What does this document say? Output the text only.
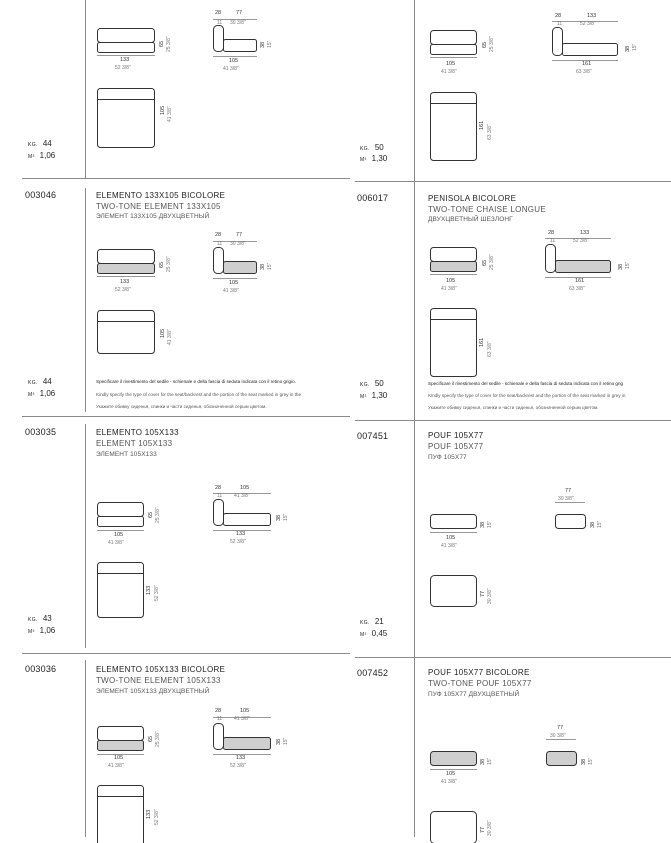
133
52 3/8"
65 25 3/8"
28
11
77
30 3/8"
105
41 3/8"
38 15"
105 41 3/8"
KG. 44
M³ 1,06
105
41 3/8"
65 25 3/8"
28
11
133
52 3/8"
161
63 3/8"
38 15"
161 63 3/8"
KG. 50
M³ 1,30
003046	ELEMENTO 133X105 BICOLORE
TWO-TONE ELEMENT 133X105
ЭЛЕМЕНТ 133Х105 ДВУХЦВЕТНЫЙ
133
52 3/8"
65 25 3/8"
28
11
77
30 3/8"
105
41 3/8"
38 15"
105 41 3/8"
KG. 44
M³ 1,06
Specificare il rivestimento del sedile - schienale e della fascia di seduta indicata con il retino grigio.
Kindly specify the type of cover for the seat/backrest and the portion of the seat marked in grey in the
Укажите обивку сиденья, спинки и части сиденья, обозначенной серым цветом.
006017	PENISOLA BICOLORE
TWO-TONE CHAISE LONGUE
ДВУХЦВЕТНЫЙ ШЕЗЛОНГ
105
41 3/8"
65 25 3/8"
28
11
133
52 3/8"
161
63 3/8"
38 15"
161 63 3/8"
KG. 50
M³ 1,30
Specificare il rivestimento del sedile - schienale e della fascia di seduta indicata con il retino grig
Kindly specify the type of cover for the seat/backrest and the portion of the seat marked in grey in
Укажите обивку сиденья, спинки и части сиденья, обозначенной серым цветом.
003035	ELEMENTO 105X133
ELEMENT 105X133
ЭЛЕМЕНТ 105Х133
105
41 3/8"
65 25 3/8"
28
11
105
41 3/8"
133
52 3/8"
38 15"
133 52 3/8"
KG. 43
M³ 1,06
007451	POUF 105X77
POUF 105X77
ПУФ 105Х77
105
41 3/8"
38 15"
77
30 3/8"
38 15"
77 30 3/8"
KG. 21
M³ 0,45
003036	ELEMENTO 105X133 BICOLORE
TWO-TONE ELEMENT 105X133
ЭЛЕМЕНТ 105Х133 ДВУХЦВЕТНЫЙ
105
41 3/8"
65 25 3/8"
28
11
105
41 3/8"
133
52 3/8"
38 15"
133 52 3/8"
007452	POUF 105X77 BICOLORE
TWO-TONE POUF 105X77
ПУФ 105Х77 ДВУХЦВЕТНЫЙ
105
41 3/8"
38 15"
77
30 3/8"
38 15"
77 30 3/8"
